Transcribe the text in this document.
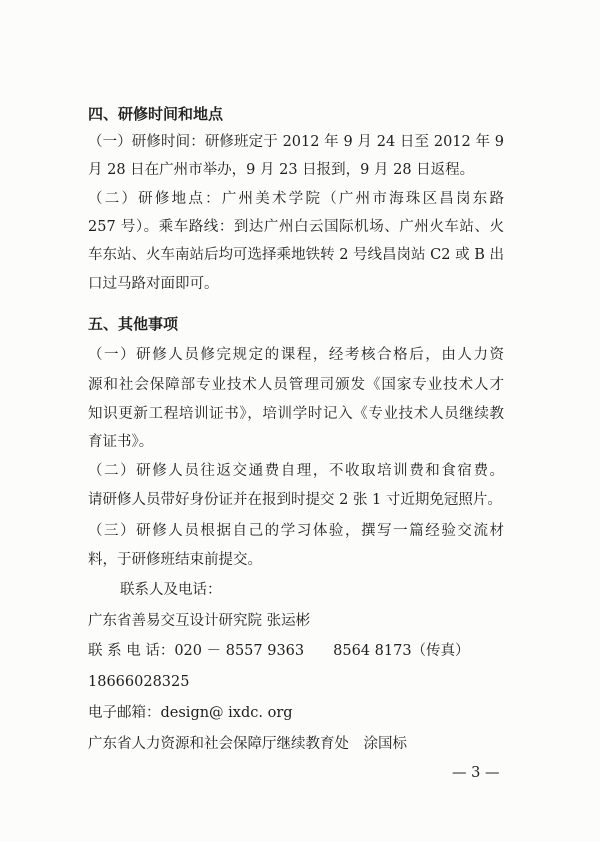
四、研修时间和地点
（一）研修时间：研修班定于 2012 年 9 月 24 日至 2012 年 9
月 28 日在广州市举办，9 月 23 日报到，9 月 28 日返程。
（二）研修地点：广州美术学院（广州市海珠区昌岗东路
257 号）。乘车路线：到达广州白云国际机场、广州火车站、火
车东站、火车南站后均可选择乘地铁转 2 号线昌岗站 C2 或 B 出
口过马路对面即可。
五、其他事项
（一）研修人员修完规定的课程，经考核合格后，由人力资
源和社会保障部专业技术人员管理司颁发《国家专业技术人才
知识更新工程培训证书》，培训学时记入《专业技术人员继续教
育证书》。
（二）研修人员往返交通费自理，不收取培训费和食宿费。
请研修人员带好身份证并在报到时提交 2 张 1 寸近期免冠照片。
（三）研修人员根据自己的学习体验，撰写一篇经验交流材
料，于研修班结束前提交。
联系人及电话：
广东省善易交互设计研究院 张运彬
联 系 电 话：020 － 8557 9363　　8564 8173（传真）
18666028325
电子邮箱：design@ ixdc. org
广东省人力资源和社会保障厅继续教育处　涂国标
— 3 —
